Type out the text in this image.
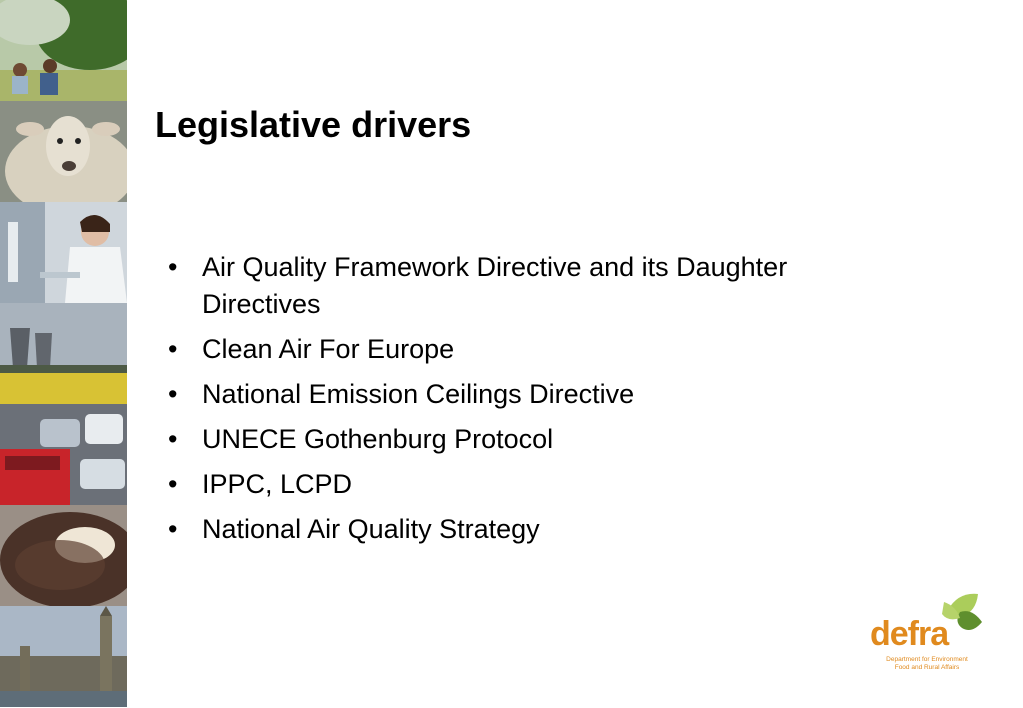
Legislative drivers
• Air Quality Framework Directive and its Daughter Directives
• Clean Air For Europe
• National Emission Ceilings Directive
• UNECE Gothenburg Protocol
• IPPC, LCPD
• National Air Quality Strategy
defra
Department for Environment
Food and Rural Affairs
